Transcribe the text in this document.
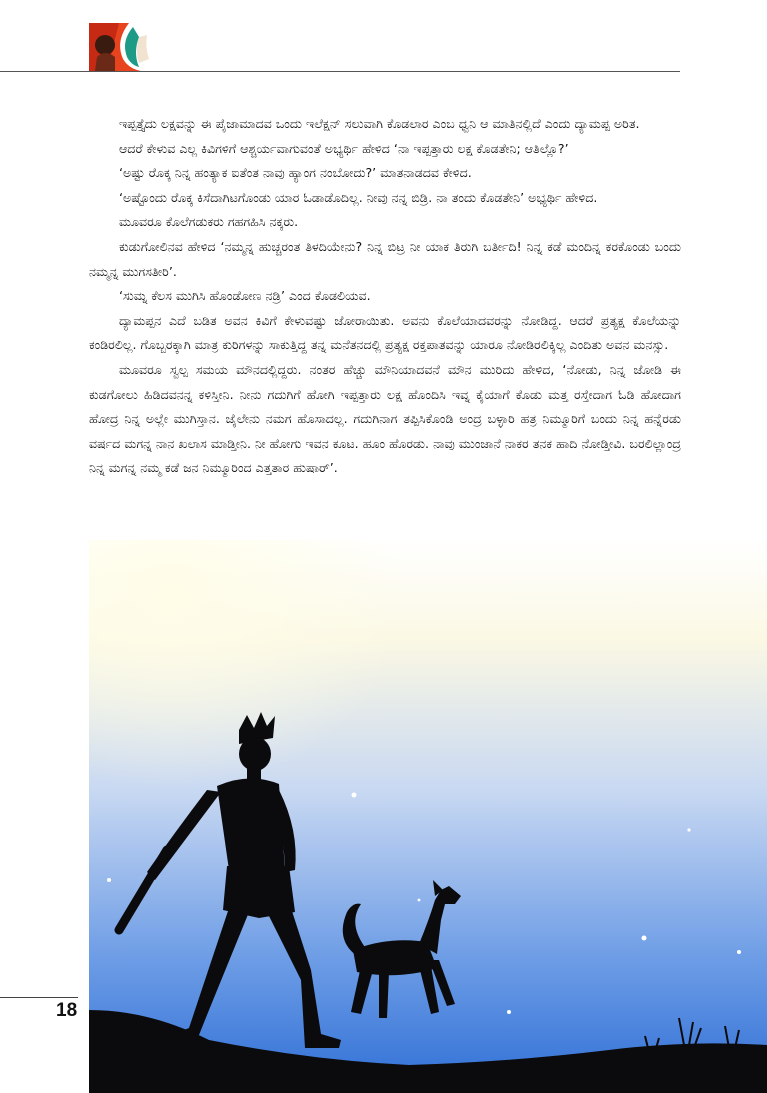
ಇಪ್ಪತ್ತೈದು ಲಕ್ಷವನ್ನು ಈ ಪೈಜಾಮಾದವ ಒಂದು ಇಲೆಕ್ಷನ್ ಸಲುವಾಗಿ ಕೊಡಲಾರ ಎಂಬ ಧ್ವನಿ ಆ ಮಾತಿನಲ್ಲಿದೆ ಎಂದು ದ್ಯಾಮಪ್ಪ ಅರಿತ.

ಆದರೆ ಕೇಳುವ ಎಲ್ಲ ಕಿವಿಗಳಿಗೆ ಆಶ್ಚರ್ಯವಾಗುವಂತೆ ಅಭ್ಯರ್ಥಿ ಹೇಳಿದ ‘ನಾ ಇಪ್ಪತ್ತಾರು ಲಕ್ಷ ಕೊಡತೇನಿ; ಆತಿಲ್ಲೊ?’

‘ಅಷ್ಟು ರೊಕ್ಕ ನಿನ್ನ ಹಂತ್ಯಾಕ ಐತೆಂತ ನಾವು ಹ್ಯಾಂಗ ನಂಬೋದು?’ ಮಾತನಾಡದವ ಕೇಳಿದ.

‘ಅಷ್ಟೊಂದು ರೊಕ್ಕ ಕಿಸೆದಾಗಿಟಗೊಂಡು ಯಾರ ಓಡಾಡೊದಿಲ್ಲ. ನೀವು ನನ್ನ ಬಿಡ್ರಿ. ನಾ ತಂದು ಕೊಡತೇನಿ’ ಅಭ್ಯರ್ಥಿ ಹೇಳಿದ.

ಮೂವರೂ ಕೊಲೆಗಡುಕರು ಗಹಗಹಿಸಿ ನಕ್ಕರು.

ಕುಡುಗೋಲಿನವ ಹೇಳಿದ ‘ನಮ್ಮನ್ನ ಹುಚ್ಚರಂತ ತಿಳದಿಯೇನು? ನಿನ್ನ ಬಿಟ್ರ ನೀ ಯಾಕ ತಿರುಗಿ ಬರ್ತೀದಿ! ನಿನ್ನ ಕಡೆ ಮಂದಿನ್ನ ಕರಕೊಂಡು ಬಂದು ನಮ್ಮನ್ನ ಮುಗಸತೀರಿ’.

‘ಸುಮ್ನ ಕೆಲಸ ಮುಗಿಸಿ ಹೊಂಡೋಣ ನಡ್ರಿ’ ಎಂದ ಕೊಡಲಿಯವ.

ದ್ಯಾಮಪ್ಪನ ಎದೆ ಬಡಿತ ಅವನ ಕಿವಿಗೆ ಕೇಳುವಷ್ಟು ಜೋರಾಯಿತು. ಅವನು ಕೊಲೆಯಾದವರನ್ನು ನೋಡಿದ್ದ. ಆದರೆ ಪ್ರತ್ಯಕ್ಷ ಕೊಲೆಯನ್ನು ಕಂಡಿರಲಿಲ್ಲ. ಗೊಬ್ಬರಕ್ಕಾಗಿ ಮಾತ್ರ ಕುರಿಗಳನ್ನು ಸಾಕುತ್ತಿದ್ದ ತನ್ನ ಮನೆತನದಲ್ಲಿ ಪ್ರತ್ಯಕ್ಷ ರಕ್ತಪಾತವನ್ನು ಯಾರೂ ನೋಡಿರಲಿಕ್ಕಿಲ್ಲ ಎಂದಿತು ಅವನ ಮನಸ್ಸು.

ಮೂವರೂ ಸ್ವಲ್ಪ ಸಮಯ ಮೌನದಲ್ಲಿದ್ದರು. ನಂತರ ಹೆಚ್ಚು ಮೌನಿಯಾದವನೆ ಮೌನ ಮುರಿದು ಹೇಳಿದ, ‘ನೋಡು, ನಿನ್ನ ಜೋಡಿ ಈ ಕುಡಗೋಲು ಹಿಡಿದವನನ್ನ ಕಳಿಸ್ತೀನಿ. ನೀನು ಗದುಗಿಗೆ ಹೋಗಿ ಇಪ್ಪತ್ತಾರು ಲಕ್ಷ ಹೊಂದಿಸಿ ಇವ್ನ ಕೈಯಾಗೆ ಕೊಡು ಮತ್ತ ರಸ್ತೇದಾಗ ಓಡಿ ಹೋದಾಗ ಹೋದ್ರ ನಿನ್ನ ಅಲ್ಲೇ ಮುಗಿಸ್ತಾನ. ಜೈಲೇನು ನಮಗ ಹೊಸಾದಲ್ಲ. ಗದುಗಿನಾಗ ತಪ್ಪಿಸಿಕೊಂಡಿ ಅಂದ್ರ ಬಳ್ಳಾರಿ ಹತ್ರ ನಿಮ್ಮೂರಿಗೆ ಬಂದು ನಿನ್ನ ಹನ್ನೆರಡು ವರ್ಷದ ಮಗನ್ನ ನಾನ ಖಲಾಸ ಮಾಡ್ತೀನಿ. ನೀ ಹೋಗು ಇವನ ಕೂಟ. ಹೂಂ ಹೊರಡು. ನಾವು ಮುಂಜಾನೆ ನಾಕರ ತನಕ ಹಾದಿ ನೋಡ್ತೀವಿ. ಬರಲಿಲ್ಲಾಂದ್ರ ನಿನ್ನ ಮಗನ್ನ ನಮ್ಮ ಕಡೆ ಜನ ನಿಮ್ಮೂರಿಂದ ಎತ್ತತಾರ ಹುಷಾರ್’.

18
